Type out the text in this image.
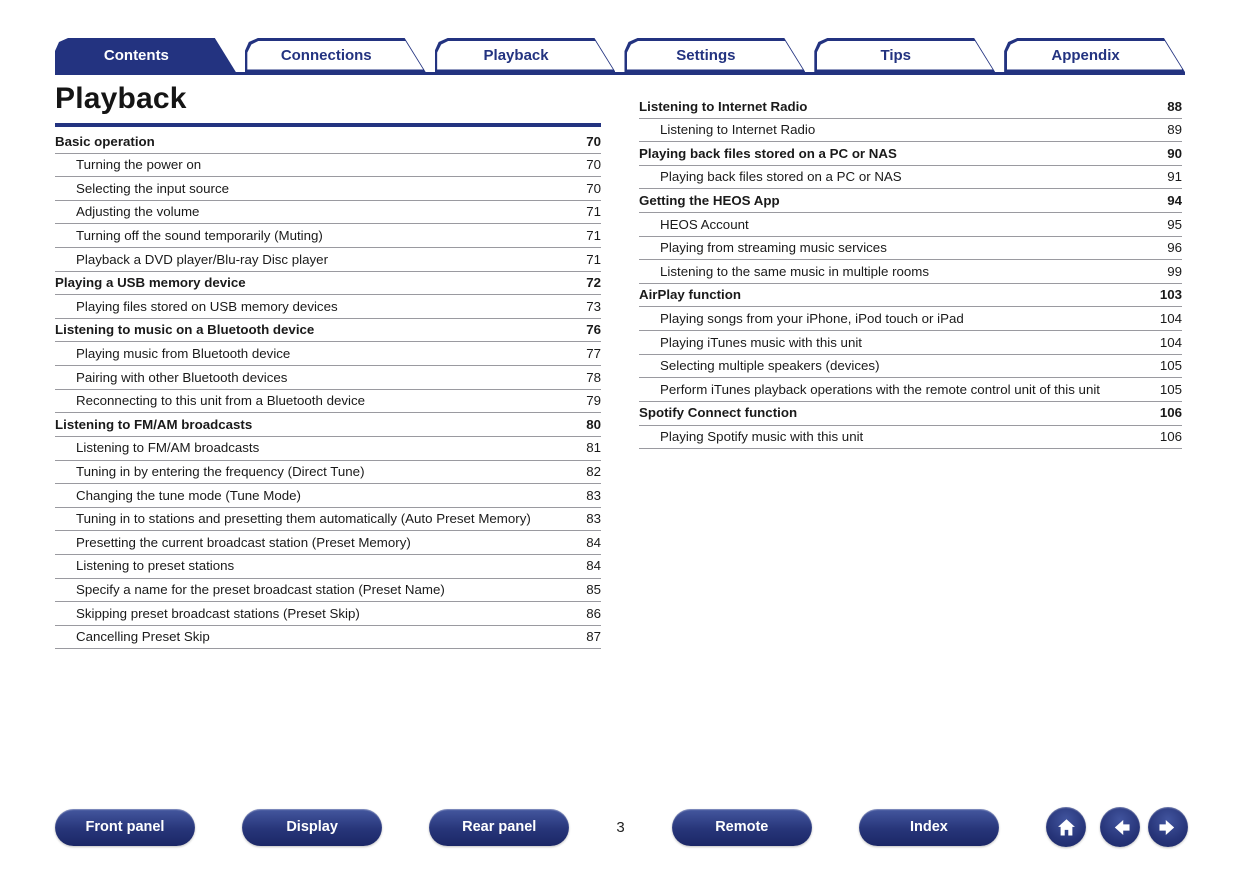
Contents	Connections	Playback	Settings	Tips	Appendix
Playback
Basic operation	70
Turning the power on	70
Selecting the input source	70
Adjusting the volume	71
Turning off the sound temporarily (Muting)	71
Playback a DVD player/Blu-ray Disc player	71
Playing a USB memory device	72
Playing files stored on USB memory devices	73
Listening to music on a Bluetooth device	76
Playing music from Bluetooth device	77
Pairing with other Bluetooth devices	78
Reconnecting to this unit from a Bluetooth device	79
Listening to FM/AM broadcasts	80
Listening to FM/AM broadcasts	81
Tuning in by entering the frequency (Direct Tune)	82
Changing the tune mode (Tune Mode)	83
Tuning in to stations and presetting them automatically (Auto Preset Memory)	83
Presetting the current broadcast station (Preset Memory)	84
Listening to preset stations	84
Specify a name for the preset broadcast station (Preset Name)	85
Skipping preset broadcast stations (Preset Skip)	86
Cancelling Preset Skip	87
Listening to Internet Radio	88
Listening to Internet Radio	89
Playing back files stored on a PC or NAS	90
Playing back files stored on a PC or NAS	91
Getting the HEOS App	94
HEOS Account	95
Playing from streaming music services	96
Listening to the same music in multiple rooms	99
AirPlay function	103
Playing songs from your iPhone, iPod touch or iPad	104
Playing iTunes music with this unit	104
Selecting multiple speakers (devices)	105
Perform iTunes playback operations with the remote control unit of this unit	105
Spotify Connect function	106
Playing Spotify music with this unit	106
Front panel	Display	Rear panel	3	Remote	Index
